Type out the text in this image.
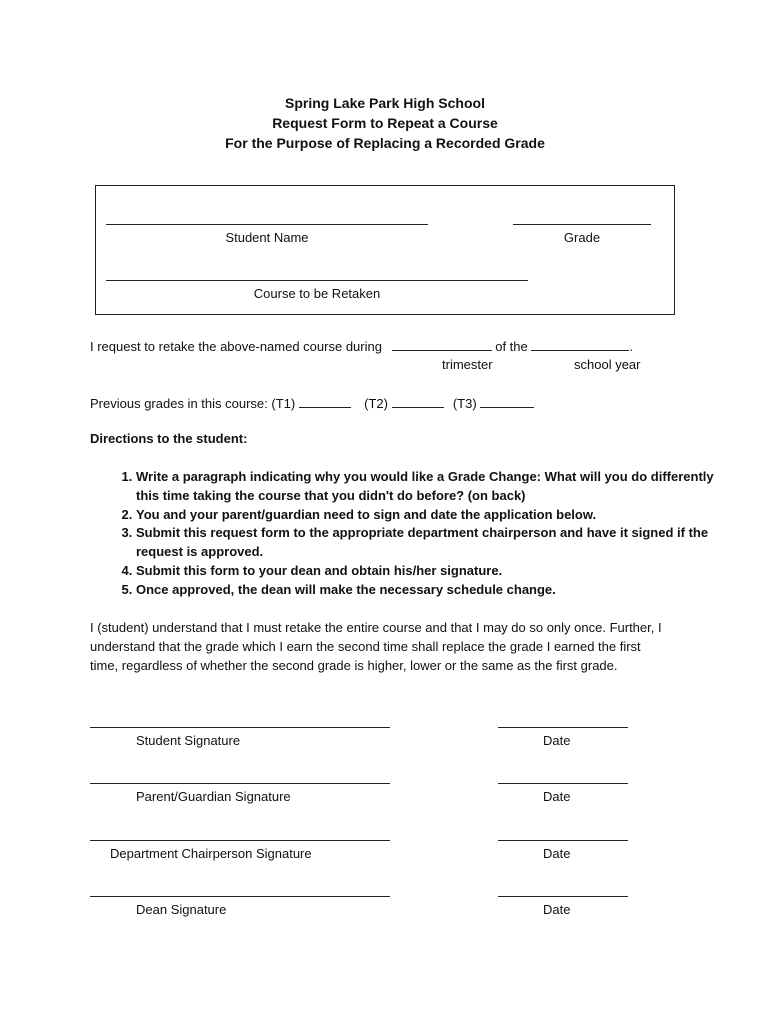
Spring Lake Park High School
Request Form to Repeat a Course
For the Purpose of Replacing a Recorded Grade
Student Name	Grade
Course to be Retaken
I request to retake the above-named course during	of the	.
trimester	school year
Previous grades in this course: (T1)	(T2)	(T3)
Directions to the student:
1. Write a paragraph indicating why you would like a Grade Change: What will you do differently this time taking the course that you didn't do before? (on back)
2. You and your parent/guardian need to sign and date the application below.
3. Submit this request form to the appropriate department chairperson and have it signed if the request is approved.
4. Submit this form to your dean and obtain his/her signature.
5. Once approved, the dean will make the necessary schedule change.
I (student) understand that I must retake the entire course and that I may do so only once. Further, I understand that the grade which I earn the second time shall replace the grade I earned the first time, regardless of whether the second grade is higher, lower or the same as the first grade.
Student Signature	Date
Parent/Guardian Signature	Date
Department Chairperson Signature	Date
Dean Signature	Date
